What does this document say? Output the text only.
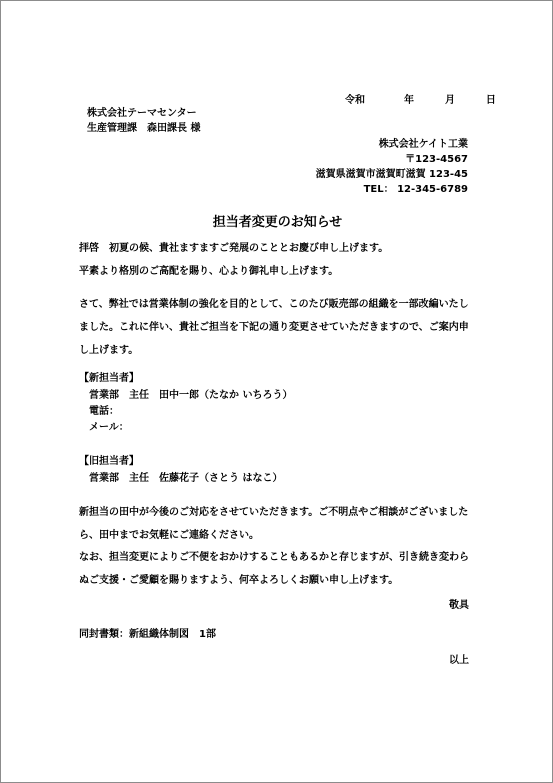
令和	年	月	日
株式会社テーマセンター
生産管理課　森田課長 様
株式会社ケイト工業
〒123-4567
滋賀県滋賀市滋賀町滋賀 123-45
TEL： 12-345-6789
担当者変更のお知らせ

拝啓　初夏の候、貴社ますますご発展のこととお慶び申し上げます。

平素より格別のご高配を賜り、心より御礼申し上げます。

さて、弊社では営業体制の強化を目的として、このたび販売部の組織を一部改編いたしました。これに伴い、貴社ご担当を下記の通り変更させていただきますので、ご案内申し上げます。

【新担当者】
営業部　主任　田中一郎（たなか いちろう）
電話：
メール：
【旧担当者】
営業部　主任　佐藤花子（さとう はなこ）

新担当の田中が今後のご対応をさせていただきます。ご不明点やご相談がございましたら、田中までお気軽にご連絡ください。

なお、担当変更によりご不便をおかけすることもあるかと存じますが、引き続き変わらぬご支援・ご愛顧を賜りますよう、何卒よろしくお願い申し上げます。

敬具
同封書類：新組織体制図　1部
以上
